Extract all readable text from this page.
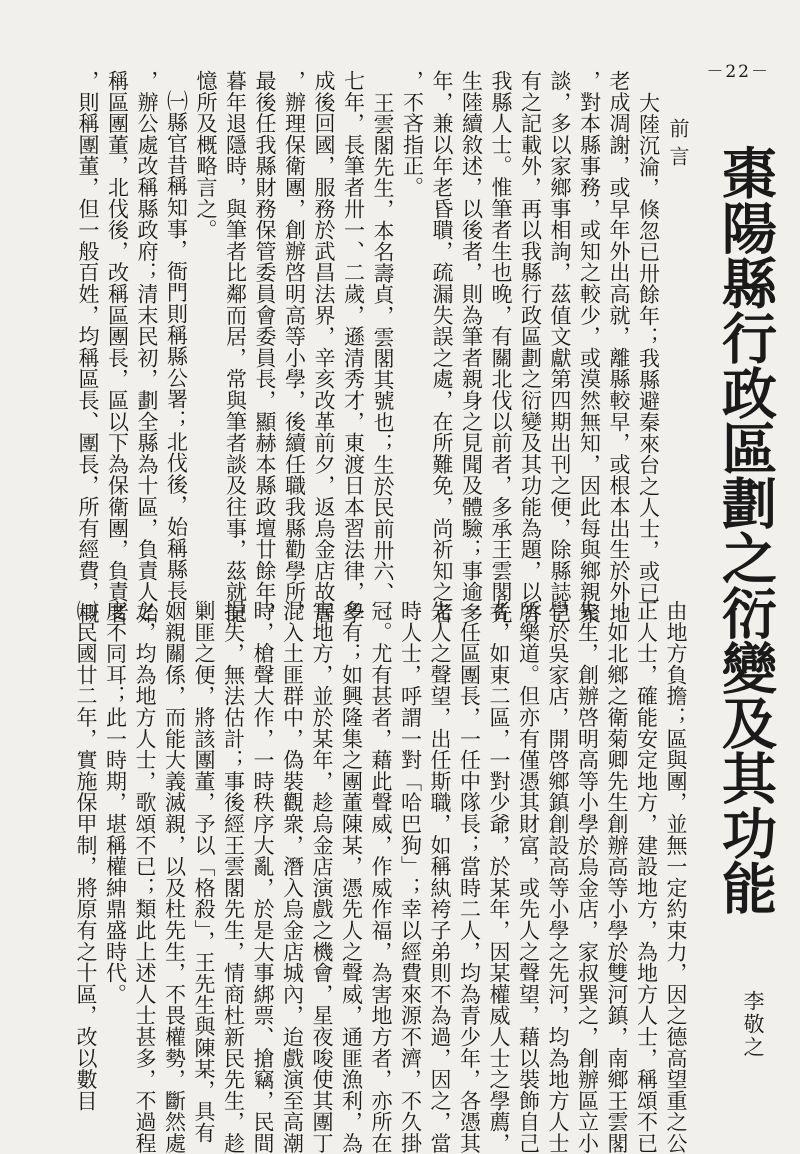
－22－
棗陽縣行政區劃之衍變及其功能
李敬之
前言
大陸沉淪，倏忽已卅餘年；我縣避秦來台之人士，或已
老成凋謝，或早年外出高就，離縣較早，或根本出生於外地
，對本縣事務，或知之較少，或漠然無知，因此每與鄉親聚
談，多以家鄉事相詢，茲值文獻第四期出刊之便，除縣誌已
有之記載外，再以我縣行政區劃之衍變及其功能為題，以答
我縣人士。惟筆者生也晚，有關北伐以前者，多承王雲閣先
生陸續敘述，以後者，則為筆者親身之見聞及體驗；事逾多
年，兼以年老昏聵，疏漏失誤之處，在所難免，尚祈知之者
，不吝指正。
王雲閣先生，本名壽貞，雲閣其號也；生於民前卅六、
七年，長筆者卅一、二歲，遜清秀才，東渡日本習法律，學
成後回國，服務於武昌法界，辛亥改革前夕，返烏金店故居
，辦理保衛團，創辦啓明高等小學，後續任職我縣勸學所，
最後任我縣財務保管委員會委員長，顯赫本縣政壇廿餘年，
暮年退隱時，與筆者比鄰而居，常與筆者談及往事，茲就記
憶所及概略言之。
㈠縣官昔稱知事，衙門則稱縣公署；北伐後，始稱縣長
，辦公處改稱縣政府；清末民初，劃全縣為十區，負責人始
稱區團董，北伐後，改稱區團長，區以下為保衛團，負責者
，則稱團董，但一般百姓，均稱區長、團長，所有經費，概
由地方負擔；區與團，並無一定約束力，因之德高望重之公
正人士，確能安定地方，建設地方，為地方人士，稱頌不已
；如北鄉之衛菊卿先生創辦高等小學於雙河鎮，南鄉王雲閣
先生，創辦啓明高等小學於烏金店，家叔巽之，創辦區立小
學於吳家店，開啓鄉鎮創設高等小學之先河，均為地方人士
所樂道。但亦有僅憑其財富，或先人之聲望，藉以裝飾自己
者，如東二區，一對少爺，於某年，因某權威人士之學薦，
一任區團長，一任中隊長；當時二人，均為青少年，各憑其
先人之聲望，出任斯職，如稱紈袴子弟則不為過，因之，當
時人士，呼謂一對「哈巴狗」；幸以經費來源不濟，不久掛
冠。尤有甚者，藉此聲威，作威作福，為害地方者，亦所在
多有；如興隆集之團董陳某，憑先人之聲威，通匪漁利，為
害地方，並於某年，趁烏金店演戲之機會，星夜唆使其團丁
混入土匪群中，偽裝觀衆，潛入烏金店城內，迨戲演至高潮
時，槍聲大作，一時秩序大亂，於是大事綁票、搶竊，民間
損失，無法估計；事後經王雲閣先生，情商杜新民先生，趁
剿匪之便，將該團董，予以「格殺」，王先生與陳某，具有
姻親關係，而能大義滅親，以及杜先生，不畏權勢，斷然處
之，均為地方人士，歌頌不已；類此上述人士甚多，不過程
度不同耳；此一時期，堪稱權紳鼎盛時代。
㈡民國廿二年，實施保甲制，將原有之十區，改以數目
